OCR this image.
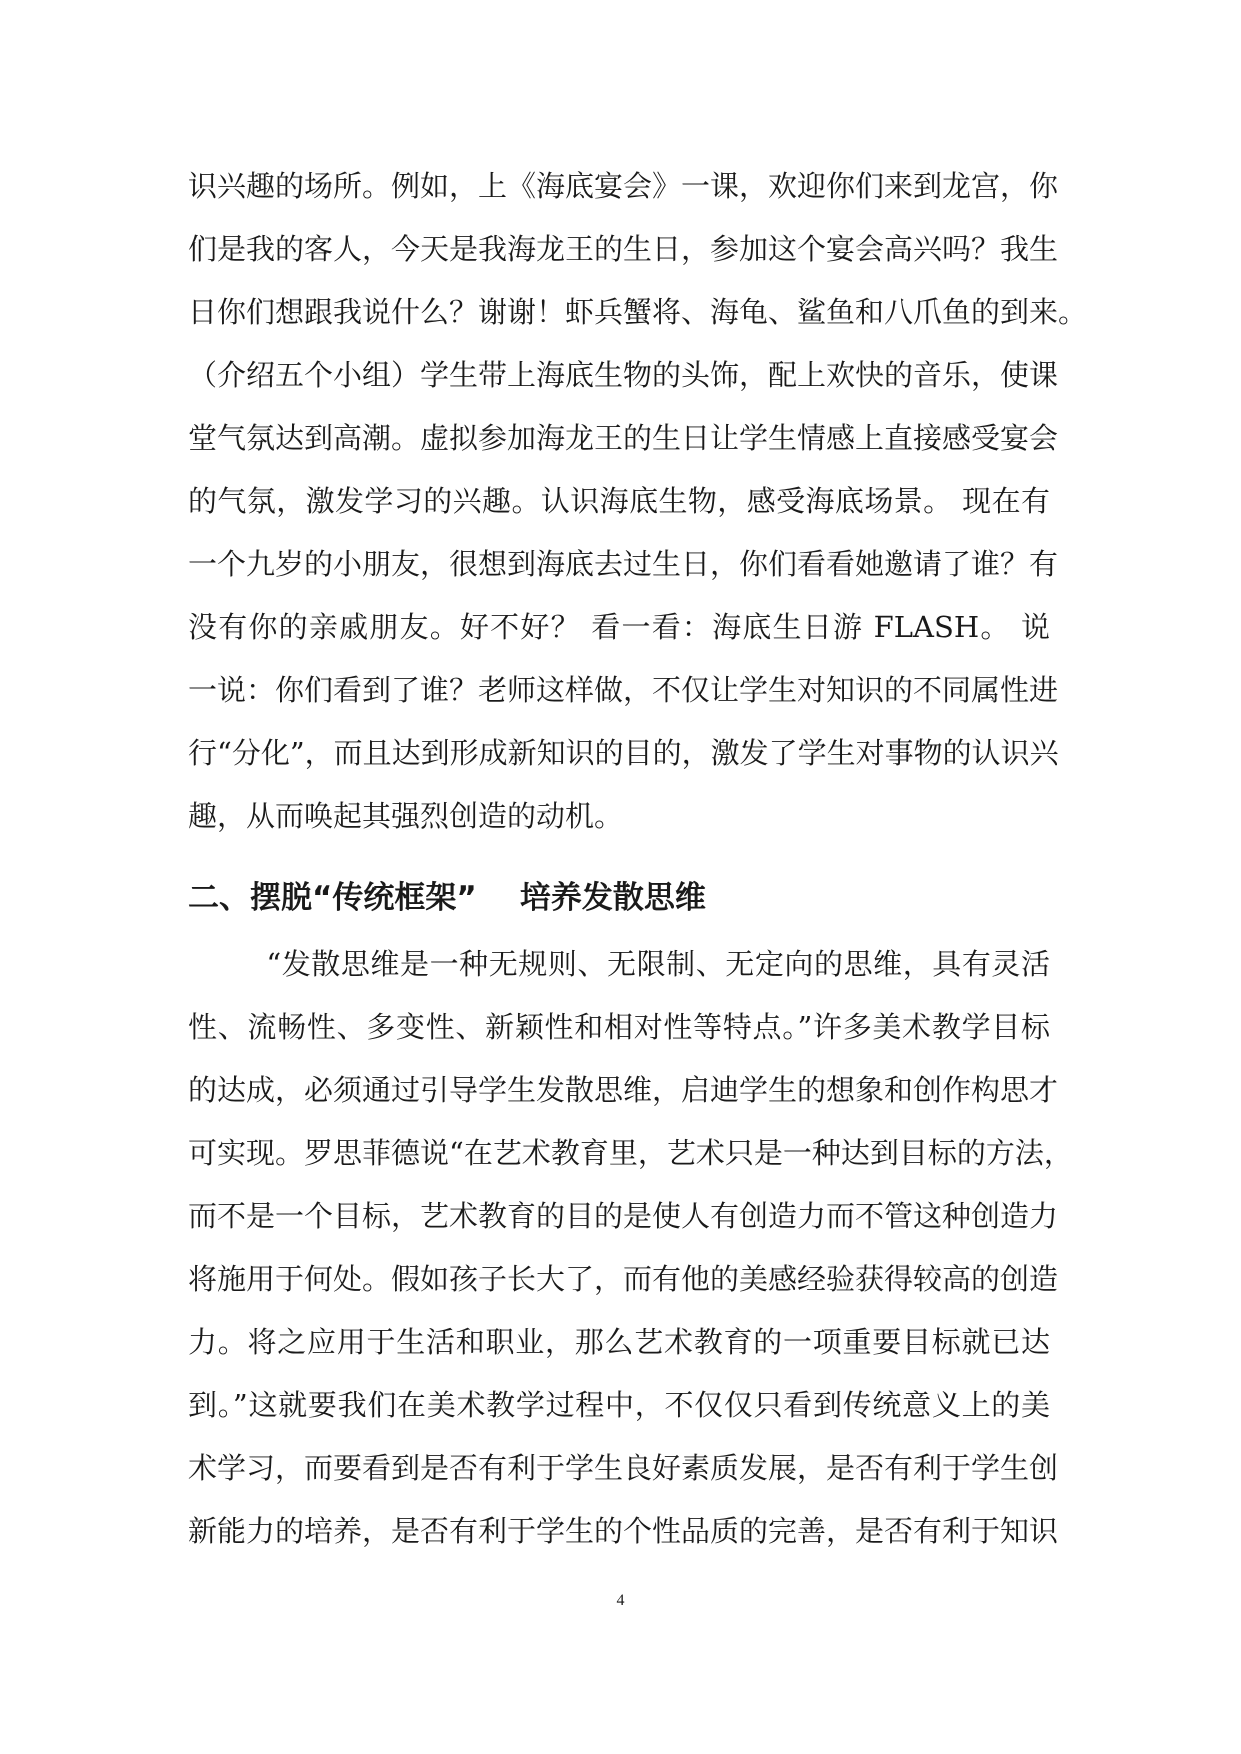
识兴趣的场所。例如，上《海底宴会》一课，欢迎你们来到龙宫，你
们是我的客人，今天是我海龙王的生日，参加这个宴会高兴吗？我生
日你们想跟我说什么？谢谢！虾兵蟹将、海龟、鲨鱼和八爪鱼的到来。
（介绍五个小组）学生带上海底生物的头饰，配上欢快的音乐，使课
堂气氛达到高潮。虚拟参加海龙王的生日让学生情感上直接感受宴会
的气氛，激发学习的兴趣。认识海底生物，感受海底场景。 现在有
一个九岁的小朋友，很想到海底去过生日，你们看看她邀请了谁？有
没有你的亲戚朋友。好不好？ 看一看：海底生日游 FLASH。 说
一说：你们看到了谁？老师这样做，不仅让学生对知识的不同属性进
行“分化”，而且达到形成新知识的目的，激发了学生对事物的认识兴
趣，从而唤起其强烈创造的动机。
二、摆脱“传统框架”    培养发散思维
“发散思维是一种无规则、无限制、无定向的思维，具有灵活
性、流畅性、多变性、新颖性和相对性等特点。”许多美术教学目标
的达成，必须通过引导学生发散思维，启迪学生的想象和创作构思才
可实现。罗思菲德说“在艺术教育里，艺术只是一种达到目标的方法，
而不是一个目标，艺术教育的目的是使人有创造力而不管这种创造力
将施用于何处。假如孩子长大了，而有他的美感经验获得较高的创造
力。将之应用于生活和职业，那么艺术教育的一项重要目标就已达
到。”这就要我们在美术教学过程中，不仅仅只看到传统意义上的美
术学习，而要看到是否有利于学生良好素质发展，是否有利于学生创
新能力的培养，是否有利于学生的个性品质的完善，是否有利于知识
4
